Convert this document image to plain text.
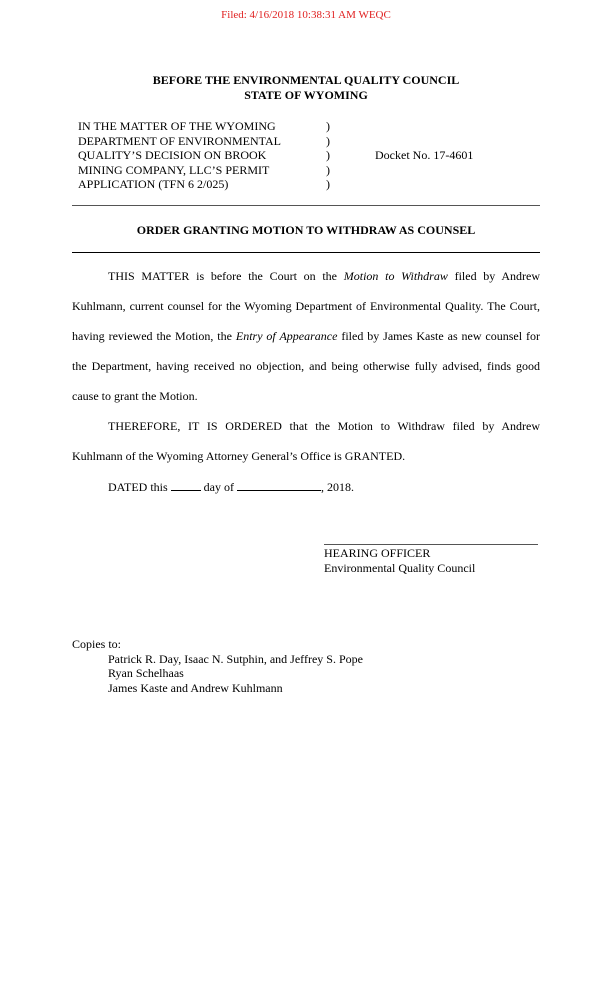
Filed: 4/16/2018 10:38:31 AM WEQC
BEFORE THE ENVIRONMENTAL QUALITY COUNCIL
STATE OF WYOMING
IN THE MATTER OF THE WYOMING
DEPARTMENT OF ENVIRONMENTAL
QUALITY’S DECISION ON BROOK
MINING COMPANY, LLC’S PERMIT
APPLICATION (TFN 6 2/025)
)
)
)
)
)
Docket No. 17-4601
ORDER GRANTING MOTION TO WITHDRAW AS COUNSEL

THIS MATTER is before the Court on the Motion to Withdraw filed by Andrew Kuhlmann, current counsel for the Wyoming Department of Environmental Quality. The Court, having reviewed the Motion, the Entry of Appearance filed by James Kaste as new counsel for the Department, having received no objection, and being otherwise fully advised, finds good cause to grant the Motion.

THEREFORE, IT IS ORDERED that the Motion to Withdraw filed by Andrew Kuhlmann of the Wyoming Attorney General’s Office is GRANTED.

DATED this	day of	, 2018.
HEARING OFFICER
Environmental Quality Council
Copies to:
Patrick R. Day, Isaac N. Sutphin, and Jeffrey S. Pope
Ryan Schelhaas
James Kaste and Andrew Kuhlmann
